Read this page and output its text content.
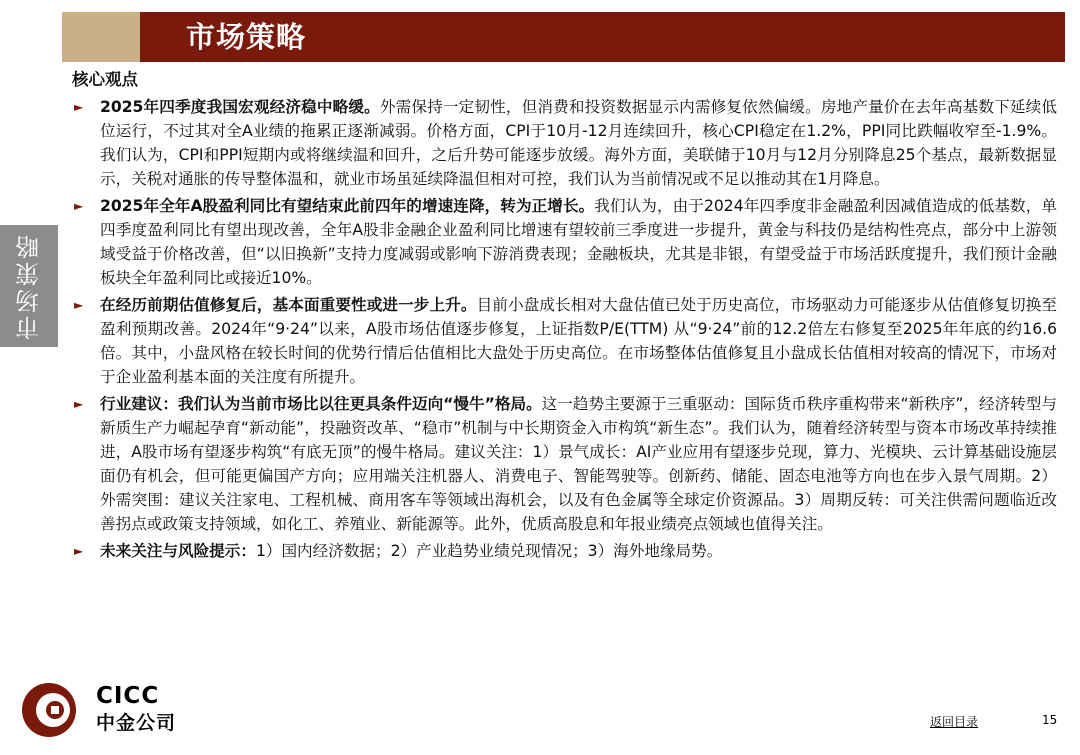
市场策略
市场策略
核心观点
► 2025年四季度我国宏观经济稳中略缓。外需保持一定韧性，但消费和投资数据显示内需修复依然偏缓。房地产量价在去年高基数下延续低位运行，不过其对全A业绩的拖累正逐渐减弱。价格方面，CPI于10月-12月连续回升，核心CPI稳定在1.2%，PPI同比跌幅收窄至-1.9%。我们认为，CPI和PPI短期内或将继续温和回升，之后升势可能逐步放缓。海外方面，美联储于10月与12月分别降息25个基点，最新数据显示，关税对通胀的传导整体温和，就业市场虽延续降温但相对可控，我们认为当前情况或不足以推动其在1月降息。
► 2025年全年A股盈利同比有望结束此前四年的增速连降，转为正增长。我们认为，由于2024年四季度非金融盈利因减值造成的低基数，单四季度盈利同比有望出现改善，全年A股非金融企业盈利同比增速有望较前三季度进一步提升，黄金与科技仍是结构性亮点，部分中上游领域受益于价格改善，但“以旧换新”支持力度减弱或影响下游消费表现；金融板块，尤其是非银，有望受益于市场活跃度提升，我们预计金融板块全年盈利同比或接近10%。
► 在经历前期估值修复后，基本面重要性或进一步上升。目前小盘成长相对大盘估值已处于历史高位，市场驱动力可能逐步从估值修复切换至盈利预期改善。2024年“9·24”以来，A股市场估值逐步修复，上证指数P/E(TTM) 从“9·24”前的12.2倍左右修复至2025年年底的约16.6倍。其中，小盘风格在较长时间的优势行情后估值相比大盘处于历史高位。在市场整体估值修复且小盘成长估值相对较高的情况下，市场对于企业盈利基本面的关注度有所提升。
► 行业建议：我们认为当前市场比以往更具条件迈向“慢牛”格局。这一趋势主要源于三重驱动：国际货币秩序重构带来“新秩序”，经济转型与新质生产力崛起孕育“新动能”，投融资改革、“稳市”机制与中长期资金入市构筑“新生态”。我们认为，随着经济转型与资本市场改革持续推进，A股市场有望逐步构筑“有底无顶”的慢牛格局。建议关注：1）景气成长：AI产业应用有望逐步兑现，算力、光模块、云计算基础设施层面仍有机会，但可能更偏国产方向；应用端关注机器人、消费电子、智能驾驶等。创新药、储能、固态电池等方向也在步入景气周期。2）外需突围：建议关注家电、工程机械、商用客车等领域出海机会，以及有色金属等全球定价资源品。3）周期反转：可关注供需问题临近改善拐点或政策支持领域，如化工、养殖业、新能源等。此外，优质高股息和年报业绩亮点领域也值得关注。
► 未来关注与风险提示：1）国内经济数据；2）产业趋势业绩兑现情况；3）海外地缘局势。
CICC
中金公司	返回目录	15
